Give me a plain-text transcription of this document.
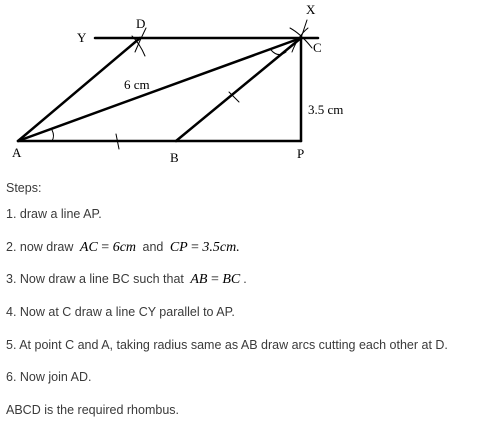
A	B
C
D
P
X
Y
6 cm
3.5 cm

Steps:

1. draw a line AP.
2. now draw AC = 6cm and CP = 3.5cm.
3. Now draw a line BC such that AB = BC .
4. Now at C draw a line CY parallel to AP.
5. At point C and A, taking radius same as AB draw arcs cutting each other at D.
6. Now join AD.
ABCD is the required rhombus.
